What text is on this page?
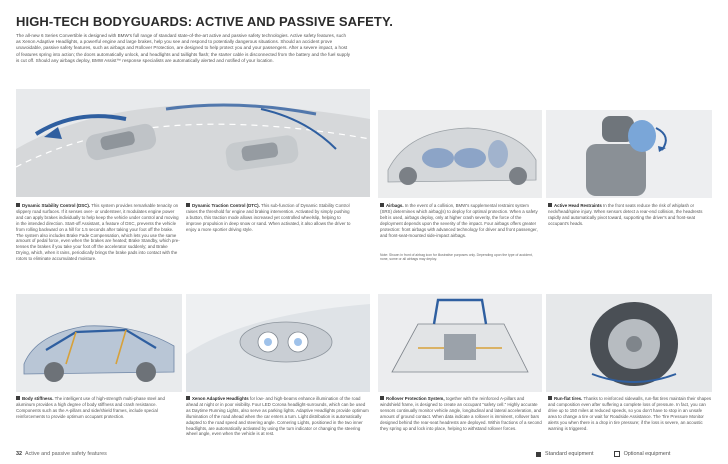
HIGH-TECH BODYGUARDS: ACTIVE AND PASSIVE SAFETY.

The all-new 6 Series Convertible is designed with BMW's full range of standard state-of-the-art active and passive safety technologies. Active safety features, such as Xenon Adaptive Headlights, a powerful engine and large brakes, help you see and respond to potentially dangerous situations. Should an accident prove unavoidable, passive safety features, such as airbags and Rollover Protection, are designed to help protect you and your passengers. After a severe impact, a host of features spring into action; the doors automatically unlock, and headlights and taillights flash; the starter cable is disconnected from the battery and the fuel supply is cut off. Should any airbags deploy, BMW Assist™ response specialists are automatically alerted and notified of your location.

Dynamic Stability Control (DSC). This system provides remarkable tenacity on slippery road surfaces. If it senses over- or understeer, it modulates engine power and can apply brakes individually to help keep the vehicle under control and moving in the intended direction. Start-off Assistant, a feature of DSC, prevents the vehicle from rolling backward on a hill for 1.5 seconds after taking your foot off the brake. The system also includes Brake Fade Compensation, which lets you use the same amount of pedal force, even when the brakes are heated; Brake Standby, which pre-tenses the brakes if you take your foot off the accelerator suddenly; and Brake Drying, which, when it rains, periodically brings the brake pads into contact with the rotors to eliminate accumulated moisture.
Dynamic Traction Control (DTC). This sub-function of Dynamic Stability Control raises the threshold for engine and braking intervention. Activated by simply pushing a button, this traction mode allows increased yet controlled wheelslip, helping to improve propulsion in deep snow or sand. When activated, it also allows the driver to enjoy a more sportier driving style.
Airbags. In the event of a collision, BMW's supplemental restraint system (SRS) determines which airbag(s) to deploy for optimal protection. When a safety belt is used, airbags deploy, only at higher crash severity, the force of the deployment depends upon the severity of the impact. Four airbags offers greater protection: front airbags with advanced technology for driver and front passenger, and front-seat-mounted side-impact airbags.
Note: Shown in front of airbag icon for illustrative purposes only. Depending upon the type of accident, none, some or all airbags may deploy.
Active Head Restraints In the front seats reduce the risk of whiplash or neck/head/spine injury. When sensors detect a rear-end collision, the headrests rapidly and automatically pivot toward, supporting the driver's and front-seat occupant's heads.
Body stiffness. The intelligent use of high-strength multi-phase steel and aluminum provides a high degree of body stiffness and crash resistance. Components such as the A-pillars and side/shield frames, include special reinforcements to provide optimum occupant protection.
Xenon Adaptive Headlights for low- and high-beams enhance illumination of the road ahead at night or in poor visibility. Four LED Corona headlight-surrounds, which can be used as Daytime Running Lights, also serve as parking lights. Adaptive Headlights provide optimum illumination of the road ahead when the car enters a turn. Light distribution is automatically adapted to the road speed and steering angle. Cornering Lights, positioned in the two inner headlights, are automatically activated by using the turn indicator or changing the steering wheel angle, even when the vehicle is at rest.
Rollover Protection System, together with the reinforced A-pillars and windshield frame, is designed to create an occupant "safety cell." Highly accurate sensors continually monitor vehicle angle, longitudinal and lateral acceleration, and amount of ground contact. When data indicate a rollover is imminent, rollover bars designed behind the rear-seat headrests are deployed. Within fractions of a second they spring up and lock into place, helping to withstand rollover forces.
Run-flat tires. Thanks to reinforced sidewalls, run-flat tires maintain their shapes and composition even after suffering a complete loss of pressure. In fact, you can drive up to 150 miles at reduced speeds, so you don't have to stop in an unsafe area to change a tire or wait for Roadside Assistance. The Tire Pressure Monitor alerts you when there is a drop in tire pressure; if the loss is severe, an acoustic warning is triggered.
32 Active and passive safety features	Standard equipment	Optional equipment
